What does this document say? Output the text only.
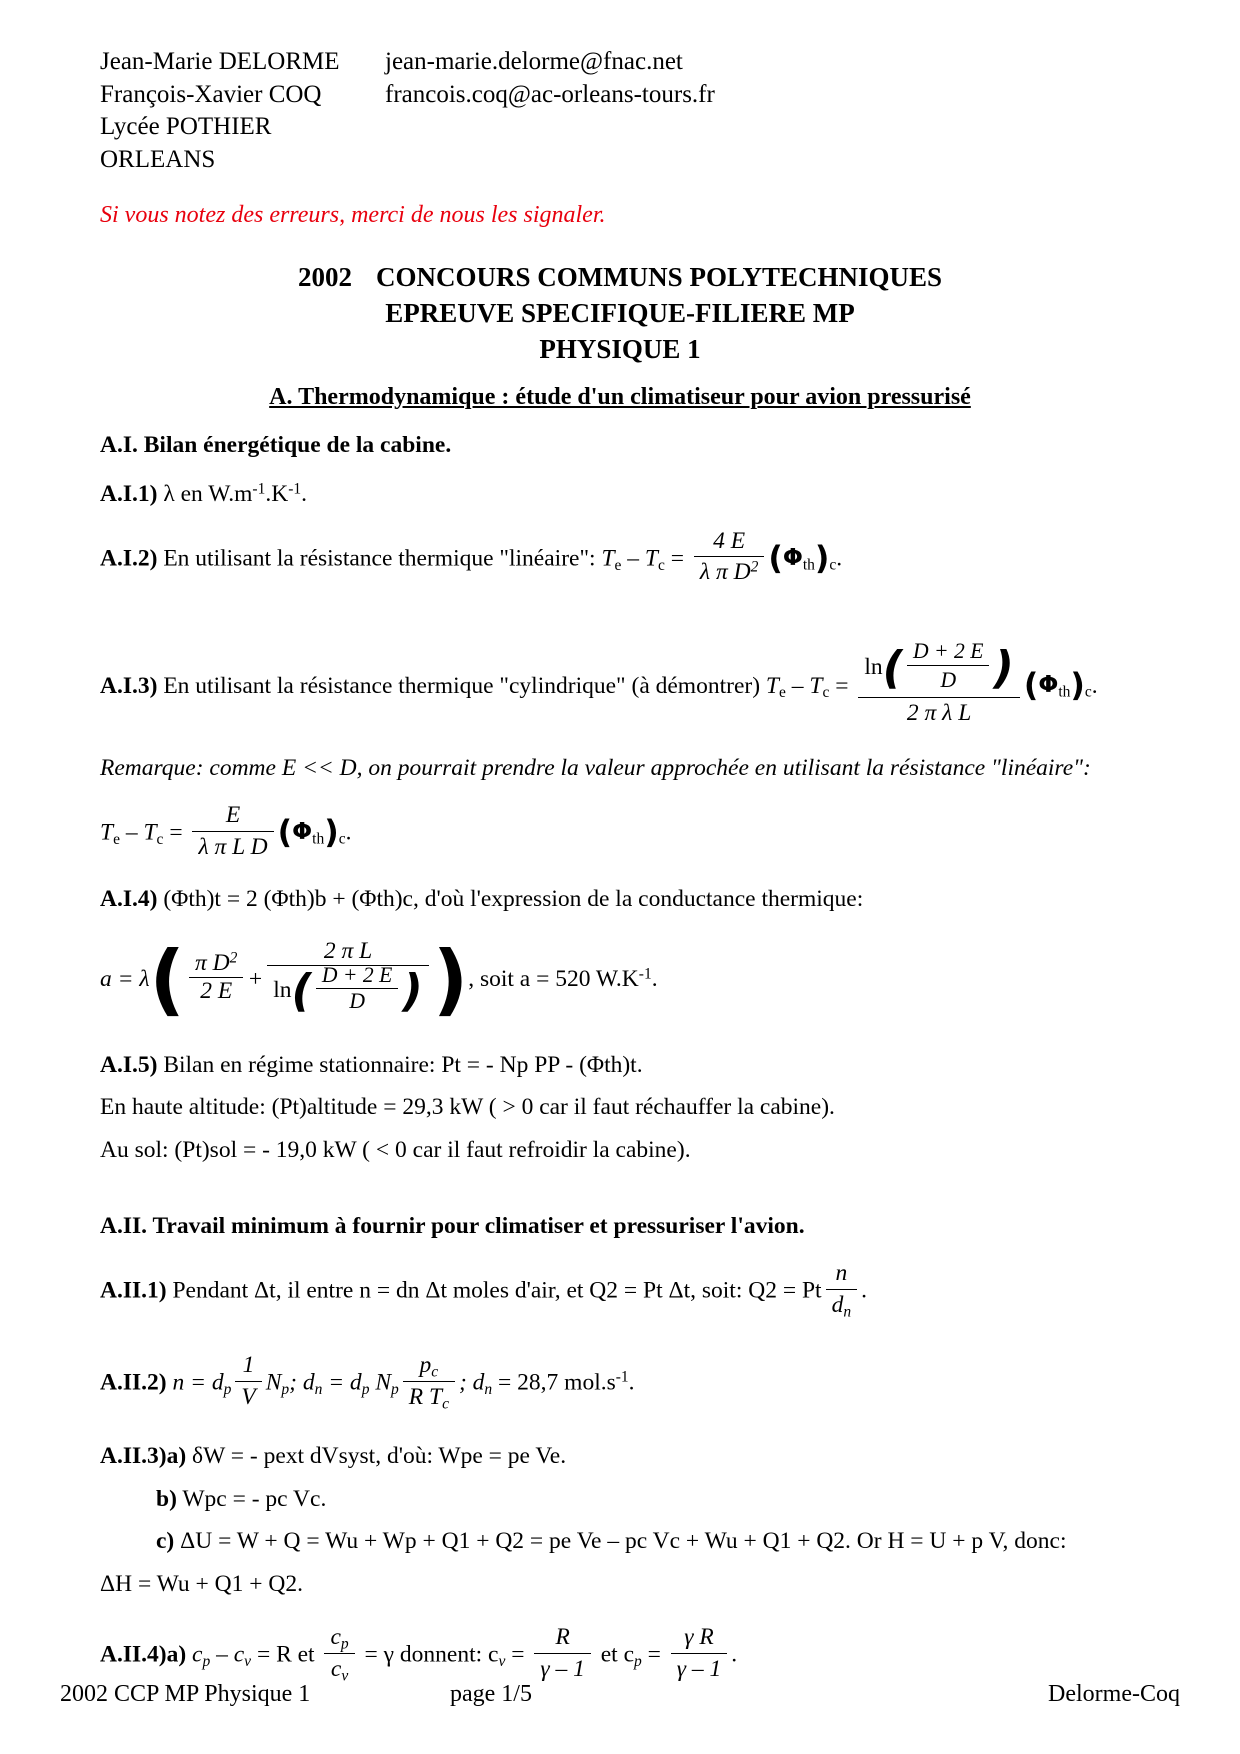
Jean-Marie DELORME	jean-marie.delorme@fnac.net
François-Xavier COQ	francois.coq@ac-orleans-tours.fr
Lycée POTHIER ORLEANS
Si vous notez des erreurs, merci de nous les signaler.
2002 CONCOURS COMMUNS POLYTECHNIQUES
EPREUVE SPECIFIQUE-FILIERE MP
PHYSIQUE 1
A. Thermodynamique : étude d'un climatiseur pour avion pressurisé
A.I. Bilan énergétique de la cabine.
A.I.1) λ en $W.m^{-1}.K^{-1}$.
A.I.2) En utilisant la résistance thermique "linéaire": $T_e - T_c = \frac{4 E}{\lambda \pi D^2} (\Phi_{th})_c$.
A.I.3) En utilisant la résistance thermique "cylindrique" (à démontrer) $T_e - T_c = \frac{\ln( \frac{D + 2 E}{D} )}{\text{2 π λ L}} (\Phi_{th})_c$.
Remarque: comme E << D, on pourrait prendre la valeur approchée en utilisant la résistance "linéaire":
$T_e - T_c = \frac{E}{\text{λ π L D}} (\Phi_{th})_c$.
A.I.4) (Φth)t = 2 (Φth)b + (Φth)c, d'où l'expression de la conductance thermique:
$a = \lambda( \frac{\pi D^2}{2 E} + \frac{\text{2 π L}}{\ln( \frac{D + 2 E}{D} )}$ ), soit a = 520 $W.K^{-1}$.
A.I.5) Bilan en régime stationnaire: Pt = - Np PP - (Φth)t.
En haute altitude: (Pt)altitude = 29,3 kW ( > 0 car il faut réchauffer la cabine).
Au sol: (Pt)sol = - 19,0 kW ( < 0 car il faut refroidir la cabine).
A.II. Travail minimum à fournir pour climatiser et pressuriser l'avion.
A.II.1) Pendant Δt, il entre n = dn Δt moles d'air, et Q2 = Pt Δt, soit: Q2 = Pt $\frac{n}{d_n}$ .
A.II.2) $n = d_p \frac{1}{V} N_p$; $d_n = d_p$ $N_p \frac{p_c}{R T_c}$ ; $d_n = 28,7$ $mol.s^{-1}$.
A.II.3)a) δW = - pext dVsyst, d'où: Wpe = pe Ve.
b) Wpc = - pc Vc.
c) ΔU = W + Q = Wu + Wp + Q1 + Q2 = pe Ve – pc Vc + Wu + Q1 + Q2. Or H = U + p V, donc:
ΔH = Wu + Q1 + Q2.
A.II.4)a) $c_p - c_v = R$ et $\frac{c_p}{c_v} = \gamma$ donnent: $c_v = \frac{R}{\gamma - 1}$ et $c_p = \frac{\text{γ R}}{\gamma - 1}$ .
2002 CCP MP Physique 1	page 1/5	Delorme-Coq
